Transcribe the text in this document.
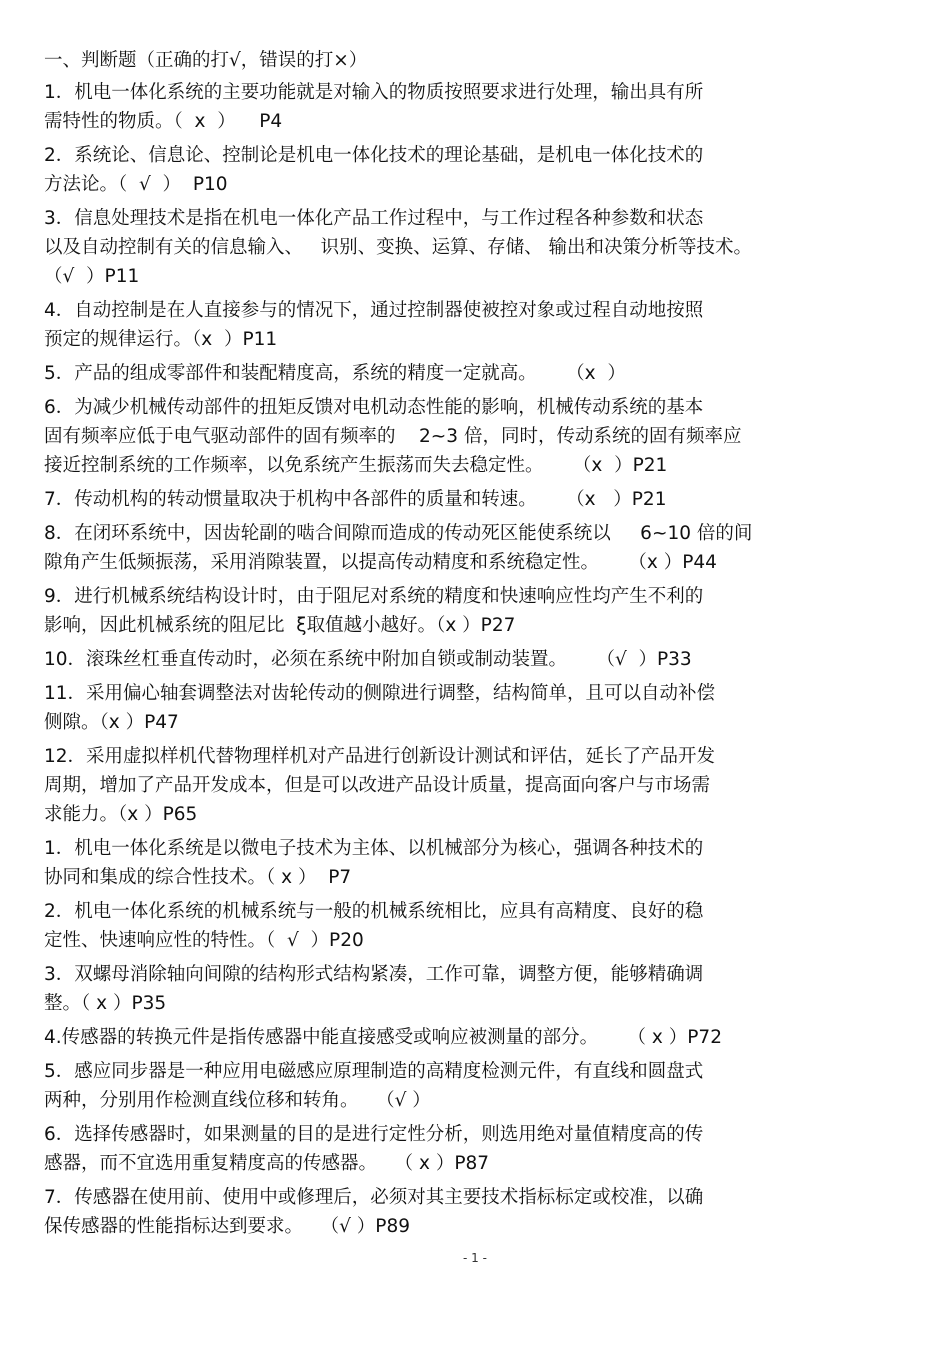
一、判断题（正确的打√，错误的打×）
1．机电一体化系统的主要功能就是对输入的物质按照要求进行处理，输出具有所
需特性的物质。（  x  ）    P4
2．系统论、信息论、控制论是机电一体化技术的理论基础，是机电一体化技术的
方法论。（  √  ）  P10
3．信息处理技术是指在机电一体化产品工作过程中，与工作过程各种参数和状态
以及自动控制有关的信息输入、   识别、变换、运算、存储、 输出和决策分析等技术。
（√  ）P11
4．自动控制是在人直接参与的情况下，通过控制器使被控对象或过程自动地按照
预定的规律运行。（x  ）P11
5．产品的组成零部件和装配精度高，系统的精度一定就高。     （x  ）
6．为减少机械传动部件的扭矩反馈对电机动态性能的影响，机械传动系统的基本
固有频率应低于电气驱动部件的固有频率的    2~3 倍，同时，传动系统的固有频率应
接近控制系统的工作频率，以免系统产生振荡而失去稳定性。     （x  ）P21
7．传动机构的转动惯量取决于机构中各部件的质量和转速。     （x   ）P21
8．在闭环系统中，因齿轮副的啮合间隙而造成的传动死区能使系统以     6~10 倍的间
隙角产生低频振荡，采用消隙装置，以提高传动精度和系统稳定性。     （x ）P44
9．进行机械系统结构设计时，由于阻尼对系统的精度和快速响应性均产生不利的
影响，因此机械系统的阻尼比  ξ取值越小越好。（x ）P27
10．滚珠丝杠垂直传动时，必须在系统中附加自锁或制动装置。     （√  ）P33
11．采用偏心轴套调整法对齿轮传动的侧隙进行调整，结构简单，且可以自动补偿
侧隙。（x ）P47
12．采用虚拟样机代替物理样机对产品进行创新设计测试和评估，延长了产品开发
周期，增加了产品开发成本，但是可以改进产品设计质量，提高面向客户与市场需
求能力。（x ）P65
1．机电一体化系统是以微电子技术为主体、以机械部分为核心，强调各种技术的
协同和集成的综合性技术。（ x ）  P7
2．机电一体化系统的机械系统与一般的机械系统相比，应具有高精度、良好的稳
定性、快速响应性的特性。（  √  ）P20
3．双螺母消除轴向间隙的结构形式结构紧凑，工作可靠，调整方便，能够精确调
整。（ x ）P35
4.传感器的转换元件是指传感器中能直接感受或响应被测量的部分。     （ x ）P72
5．感应同步器是一种应用电磁感应原理制造的高精度检测元件，有直线和圆盘式
两种，分别用作检测直线位移和转角。   （√ ）
6．选择传感器时，如果测量的目的是进行定性分析，则选用绝对量值精度高的传
感器，而不宜选用重复精度高的传感器。   （ x ）P87
7．传感器在使用前、使用中或修理后，必须对其主要技术指标标定或校准，以确
保传感器的性能指标达到要求。   （√ ）P89
- 1 -
